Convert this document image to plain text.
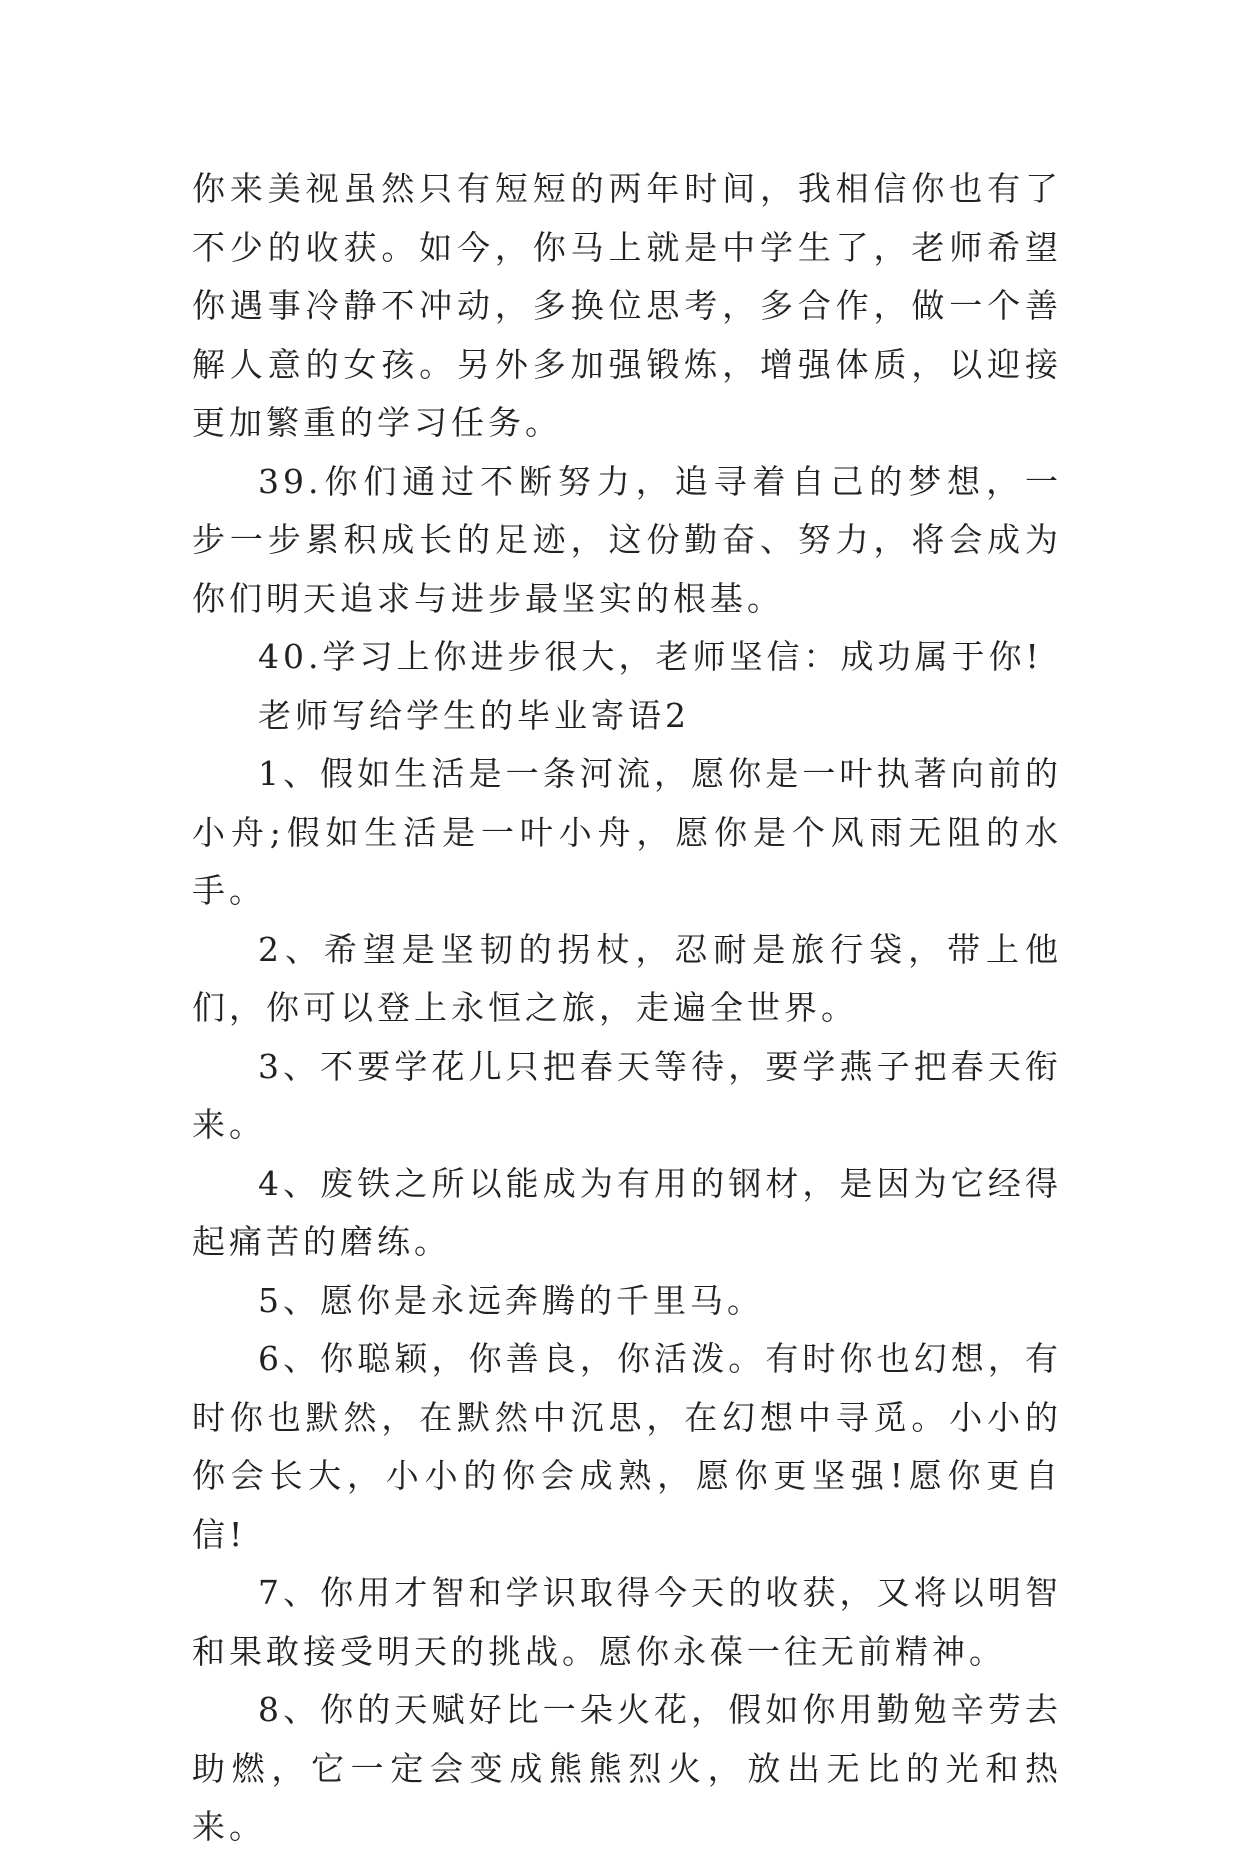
你来美视虽然只有短短的两年时间，我相信你也有了不少的收获。如今，你马上就是中学生了，老师希望你遇事冷静不冲动，多换位思考，多合作，做一个善解人意的女孩。另外多加强锻炼，增强体质，以迎接更加繁重的学习任务。

39.你们通过不断努力，追寻着自己的梦想，一步一步累积成长的足迹，这份勤奋、努力，将会成为你们明天追求与进步最坚实的根基。

40.学习上你进步很大，老师坚信：成功属于你!

老师写给学生的毕业寄语2

1、假如生活是一条河流，愿你是一叶执著向前的小舟;假如生活是一叶小舟，愿你是个风雨无阻的水手。

2、希望是坚韧的拐杖，忍耐是旅行袋，带上他们，你可以登上永恒之旅，走遍全世界。

3、不要学花儿只把春天等待，要学燕子把春天衔来。

4、废铁之所以能成为有用的钢材，是因为它经得起痛苦的磨练。

5、愿你是永远奔腾的千里马。

6、你聪颖，你善良，你活泼。有时你也幻想，有时你也默然，在默然中沉思，在幻想中寻觅。小小的你会长大，小小的你会成熟，愿你更坚强!愿你更自信!

7、你用才智和学识取得今天的收获，又将以明智和果敢接受明天的挑战。愿你永葆一往无前精神。

8、你的天赋好比一朵火花，假如你用勤勉辛劳去助燃，它一定会变成熊熊烈火，放出无比的光和热来。
